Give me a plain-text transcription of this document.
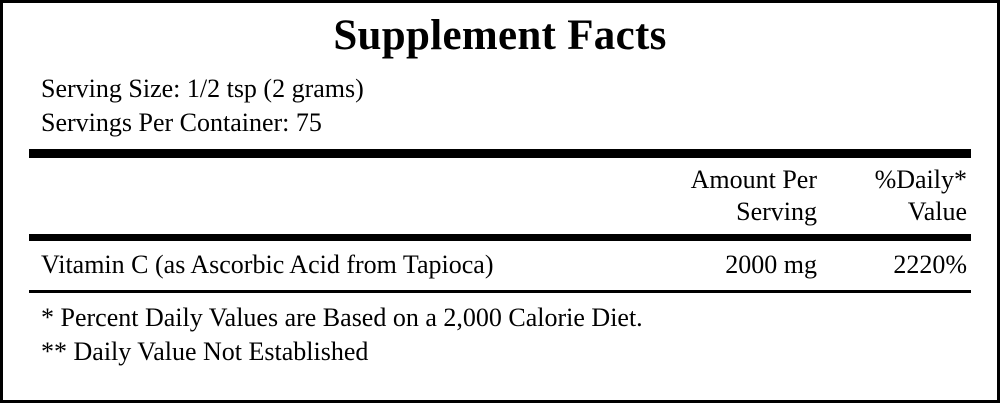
Supplement Facts
Serving Size: 1/2 tsp (2 grams)
Servings Per Container: 75
Amount Per
Serving
%Daily*
Value
Vitamin C (as Ascorbic Acid from Tapioca)	2000 mg	2220%
* Percent Daily Values are Based on a 2,000 Calorie Diet.
** Daily Value Not Established
